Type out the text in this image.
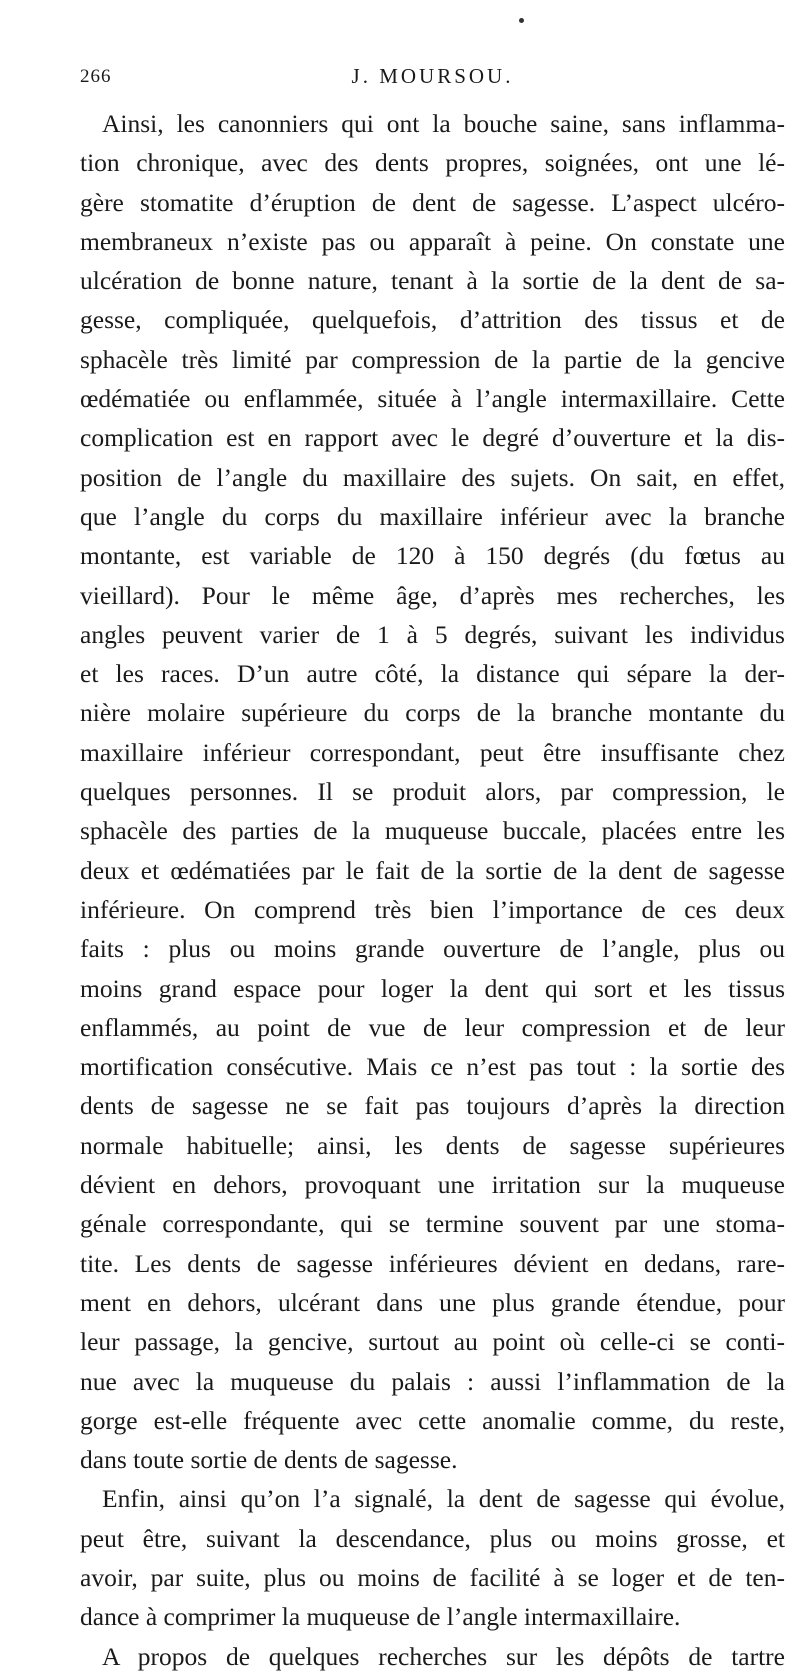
266	J. MOURSOU.
Ainsi, les canonniers qui ont la bouche saine, sans inflamma-
tion chronique, avec des dents propres, soignées, ont une lé-
gère stomatite d’éruption de dent de sagesse. L’aspect ulcéro-
membraneux n’existe pas ou apparaît à peine. On constate une
ulcération de bonne nature, tenant à la sortie de la dent de sa-
gesse, compliquée, quelquefois, d’attrition des tissus et de
sphacèle très limité par compression de la partie de la gencive
œdématiée ou enflammée, située à l’angle intermaxillaire. Cette
complication est en rapport avec le degré d’ouverture et la dis-
position de l’angle du maxillaire des sujets. On sait, en effet,
que l’angle du corps du maxillaire inférieur avec la branche
montante, est variable de 120 à 150 degrés (du fœtus au
vieillard). Pour le même âge, d’après mes recherches, les
angles peuvent varier de 1 à 5 degrés, suivant les individus
et les races. D’un autre côté, la distance qui sépare la der-
nière molaire supérieure du corps de la branche montante du
maxillaire inférieur correspondant, peut être insuffisante chez
quelques personnes. Il se produit alors, par compression, le
sphacèle des parties de la muqueuse buccale, placées entre les
deux et œdématiées par le fait de la sortie de la dent de sagesse
inférieure. On comprend très bien l’importance de ces deux
faits : plus ou moins grande ouverture de l’angle, plus ou
moins grand espace pour loger la dent qui sort et les tissus
enflammés, au point de vue de leur compression et de leur
mortification consécutive. Mais ce n’est pas tout : la sortie des
dents de sagesse ne se fait pas toujours d’après la direction
normale habituelle; ainsi, les dents de sagesse supérieures
dévient en dehors, provoquant une irritation sur la muqueuse
génale correspondante, qui se termine souvent par une stoma-
tite. Les dents de sagesse inférieures dévient en dedans, rare-
ment en dehors, ulcérant dans une plus grande étendue, pour
leur passage, la gencive, surtout au point où celle-ci se conti-
nue avec la muqueuse du palais : aussi l’inflammation de la
gorge est-elle fréquente avec cette anomalie comme, du reste,
dans toute sortie de dents de sagesse.
Enfin, ainsi qu’on l’a signalé, la dent de sagesse qui évolue,
peut être, suivant la descendance, plus ou moins grosse, et
avoir, par suite, plus ou moins de facilité à se loger et de ten-
dance à comprimer la muqueuse de l’angle intermaxillaire.
A propos de quelques recherches sur les dépôts de tartre
